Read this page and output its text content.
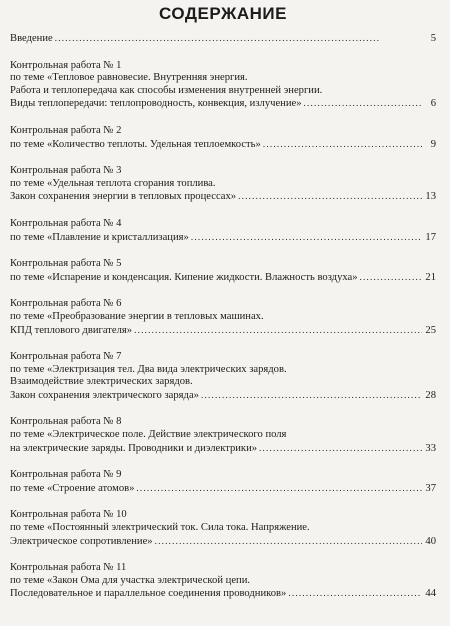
СОДЕРЖАНИЕ
Введение . . .	5
Контрольная работа № 1
по теме «Тепловое равновесие. Внутренняя энергия.
Работа и теплопередача как способы изменения внутренней энергии.
Виды теплопередачи: теплопроводность, конвекция, излучение» . . .	6
Контрольная работа № 2
по теме «Количество теплоты. Удельная теплоемкость» . . .	9
Контрольная работа № 3
по теме «Удельная теплота сгорания топлива.
Закон сохранения энергии в тепловых процессах» . . .	13
Контрольная работа № 4
по теме «Плавление и кристаллизация» . . .	17
Контрольная работа № 5
по теме «Испарение и конденсация. Кипение жидкости. Влажность воздуха» . . .	21
Контрольная работа № 6
по теме «Преобразование энергии в тепловых машинах.
КПД теплового двигателя» . . .	25
Контрольная работа № 7
по теме «Электризация тел. Два вида электрических зарядов.
Взаимодействие электрических зарядов.
Закон сохранения электрического заряда» . . .	28
Контрольная работа № 8
по теме «Электрическое поле. Действие электрического поля
на электрические заряды. Проводники и диэлектрики» . . .	33
Контрольная работа № 9
по теме «Строение атомов» . . .	37
Контрольная работа № 10
по теме «Постоянный электрический ток. Сила тока. Напряжение.
Электрическое сопротивление» . . .	40
Контрольная работа № 11
по теме «Закон Ома для участка электрической цепи.
Последовательное и параллельное соединения проводников» . . .	44
